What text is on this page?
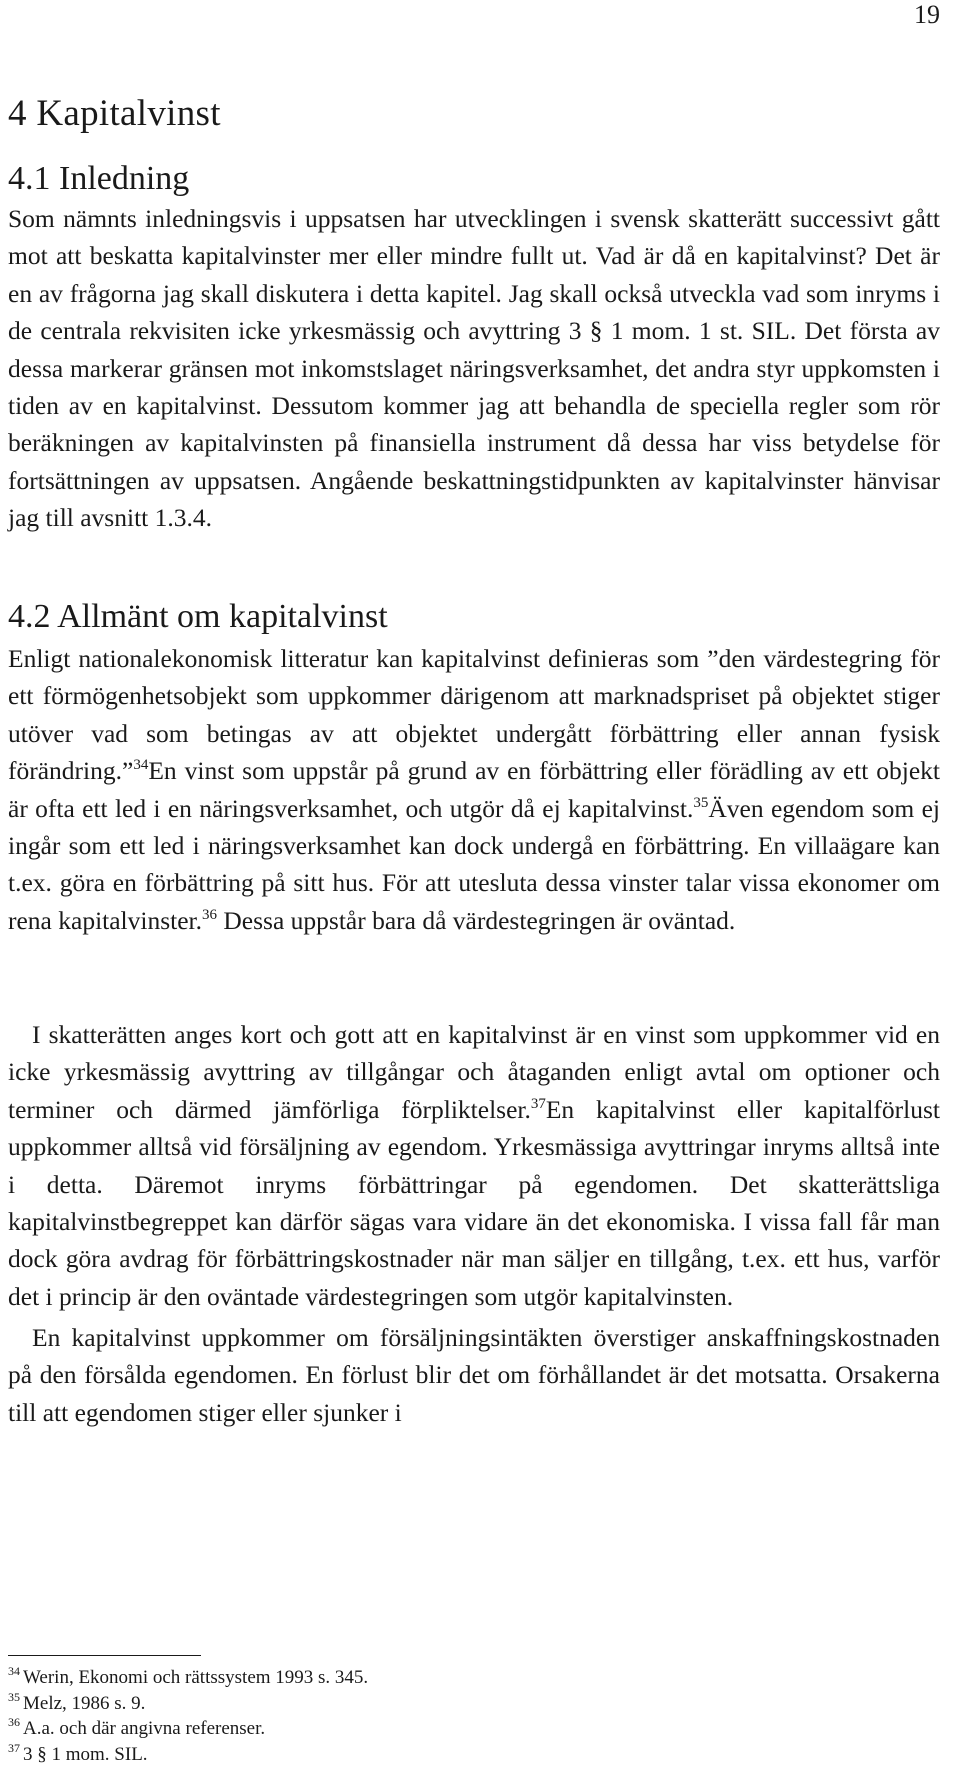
19
4 Kapitalvinst
4.1 Inledning

Som nämnts inledningsvis i uppsatsen har utvecklingen i svensk skatterätt successivt gått mot att beskatta kapitalvinster mer eller mindre fullt ut. Vad är då en kapitalvinst? Det är en av frågorna jag skall diskutera i detta kapitel. Jag skall också utveckla vad som inryms i de centrala rekvisiten icke yrkesmässig och avyttring 3 § 1 mom. 1 st. SIL. Det första av dessa markerar gränsen mot inkomstslaget näringsverksamhet, det andra styr uppkomsten i tiden av en kapitalvinst. Dessutom kommer jag att behandla de speciella regler som rör beräkningen av kapitalvinsten på finansiella instrument då dessa har viss betydelse för fortsättningen av uppsatsen. Angående beskattningstidpunkten av kapitalvinster hänvisar jag till avsnitt 1.3.4.

4.2 Allmänt om kapitalvinst

Enligt nationalekonomisk litteratur kan kapitalvinst definieras som ”den värdestegring för ett förmögenhetsobjekt som uppkommer därigenom att marknadspriset på objektet stiger utöver vad som betingas av att objektet undergått förbättring eller annan fysisk förändring.”$^{34}$En vinst som uppstår på grund av en förbättring eller förädling av ett objekt är ofta ett led i en näringsverksamhet, och utgör då ej kapitalvinst.$^{35}$Även egendom som ej ingår som ett led i näringsverksamhet kan dock undergå en förbättring. En villaägare kan t.ex. göra en förbättring på sitt hus. För att utesluta dessa vinster talar vissa ekonomer om rena kapitalvinster.$^{36}$ Dessa uppstår bara då värdestegringen är oväntad.

I skatterätten anges kort och gott att en kapitalvinst är en vinst som uppkommer vid en icke yrkesmässig avyttring av tillgångar och åtaganden enligt avtal om optioner och terminer och därmed jämförliga förpliktelser.$^{37}$En kapitalvinst eller kapitalförlust uppkommer alltså vid försäljning av egendom. Yrkesmässiga avyttringar inryms alltså inte i detta. Däremot inryms förbättringar på egendomen. Det skatterättsliga kapitalvinstbegreppet kan därför sägas vara vidare än det ekonomiska. I vissa fall får man dock göra avdrag för förbättringskostnader när man säljer en tillgång, t.ex. ett hus, varför det i princip är den oväntade värdestegringen som utgör kapitalvinsten.

En kapitalvinst uppkommer om försäljningsintäkten överstiger anskaffningskostnaden på den försålda egendomen. En förlust blir det om förhållandet är det motsatta. Orsakerna till att egendomen stiger eller sjunker i

$^{34}$ Werin, Ekonomi och rättssystem 1993 s. 345.
$^{35}$ Melz, 1986 s. 9.
$^{36}$ A.a. och där angivna referenser.
$^{37}$ 3 § 1 mom. SIL.
